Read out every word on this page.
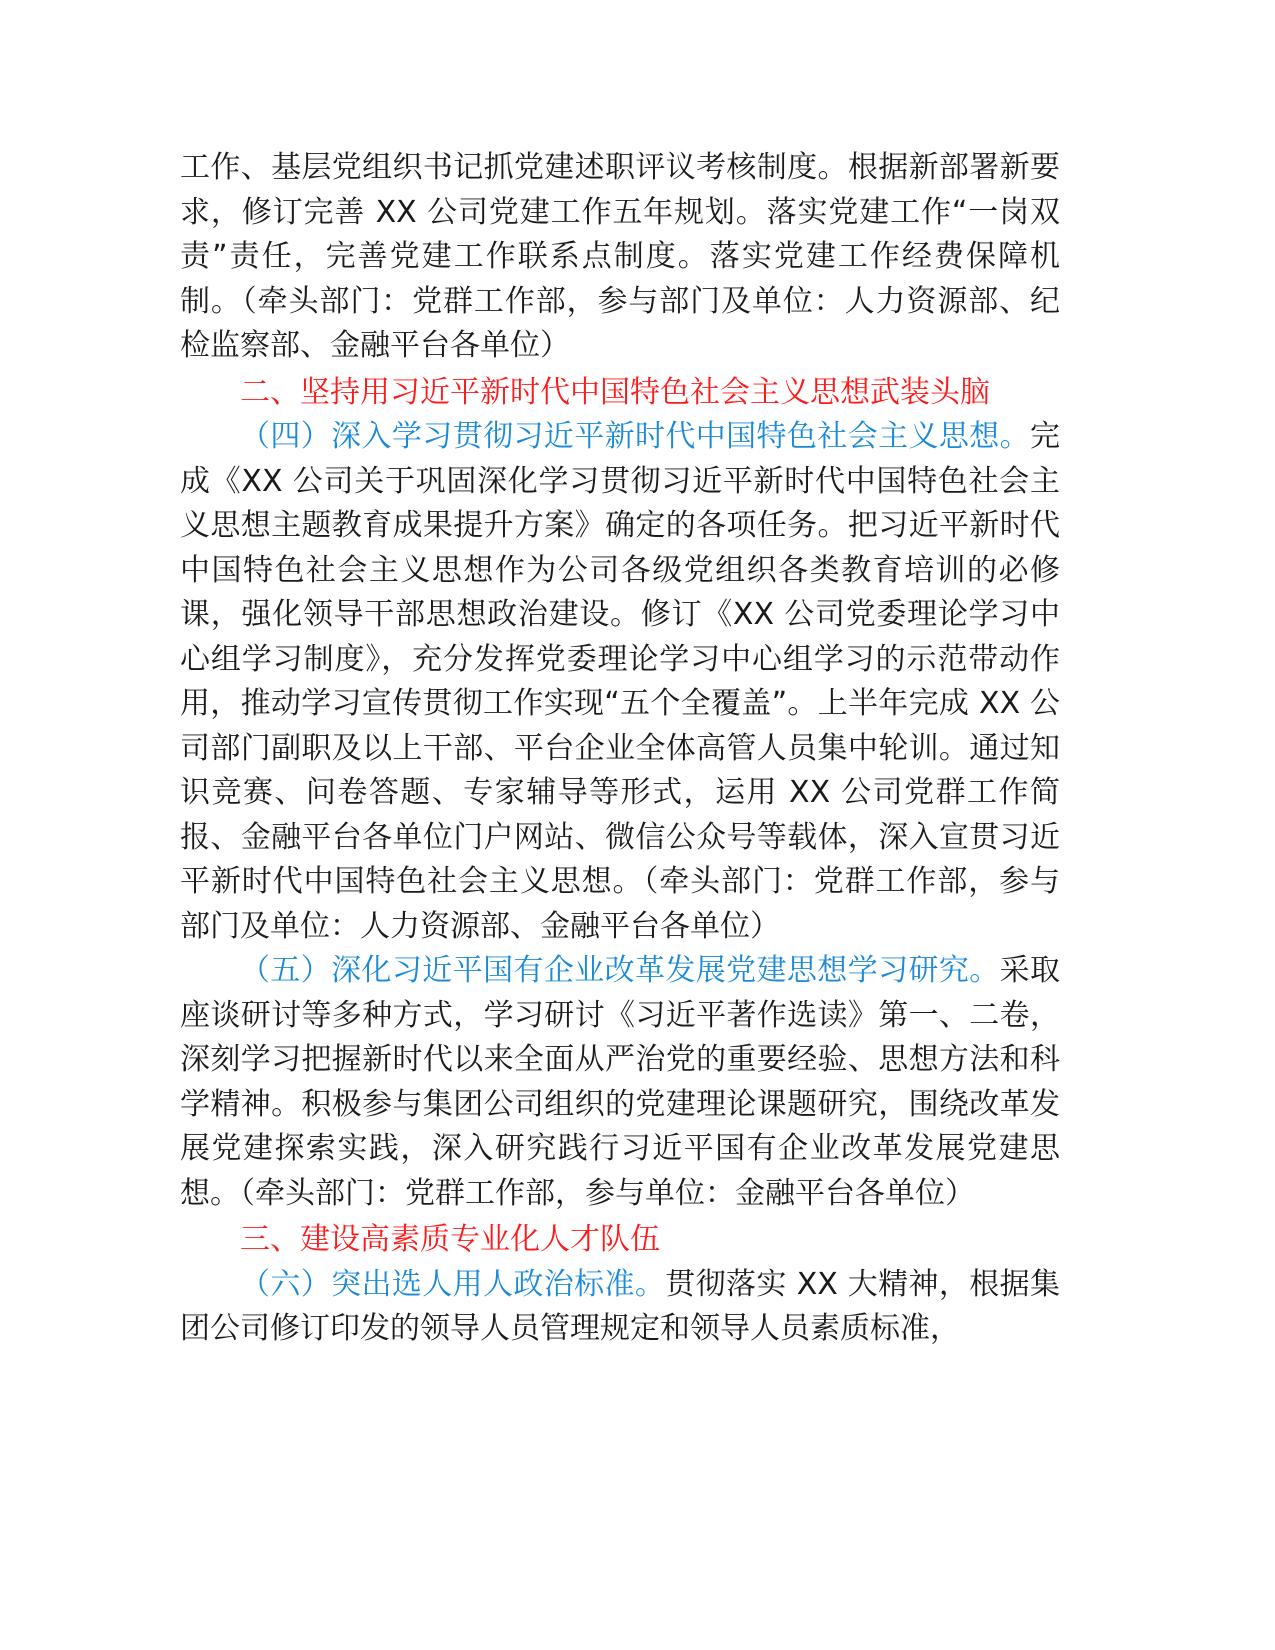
工作、基层党组织书记抓党建述职评议考核制度。根据新部署新要求，修订完善 XX 公司党建工作五年规划。落实党建工作“一岗双责”责任，完善党建工作联系点制度。落实党建工作经费保障机制。（牵头部门：党群工作部，参与部门及单位：人力资源部、纪检监察部、金融平台各单位）

二、坚持用习近平新时代中国特色社会主义思想武装头脑

（四）深入学习贯彻习近平新时代中国特色社会主义思想。完成《XX 公司关于巩固深化学习贯彻习近平新时代中国特色社会主义思想主题教育成果提升方案》确定的各项任务。把习近平新时代中国特色社会主义思想作为公司各级党组织各类教育培训的必修课，强化领导干部思想政治建设。修订《XX 公司党委理论学习中心组学习制度》，充分发挥党委理论学习中心组学习的示范带动作用，推动学习宣传贯彻工作实现“五个全覆盖”。上半年完成 XX 公司部门副职及以上干部、平台企业全体高管人员集中轮训。通过知识竞赛、问卷答题、专家辅导等形式，运用 XX 公司党群工作简报、金融平台各单位门户网站、微信公众号等载体，深入宣贯习近平新时代中国特色社会主义思想。（牵头部门：党群工作部，参与部门及单位：人力资源部、金融平台各单位）

（五）深化习近平国有企业改革发展党建思想学习研究。采取座谈研讨等多种方式，学习研讨《习近平著作选读》第一、二卷，深刻学习把握新时代以来全面从严治党的重要经验、思想方法和科学精神。积极参与集团公司组织的党建理论课题研究，围绕改革发展党建探索实践，深入研究践行习近平国有企业改革发展党建思想。（牵头部门：党群工作部，参与单位：金融平台各单位）

三、建设高素质专业化人才队伍

（六）突出选人用人政治标准。贯彻落实 XX 大精神，根据集团公司修订印发的领导人员管理规定和领导人员素质标准，
